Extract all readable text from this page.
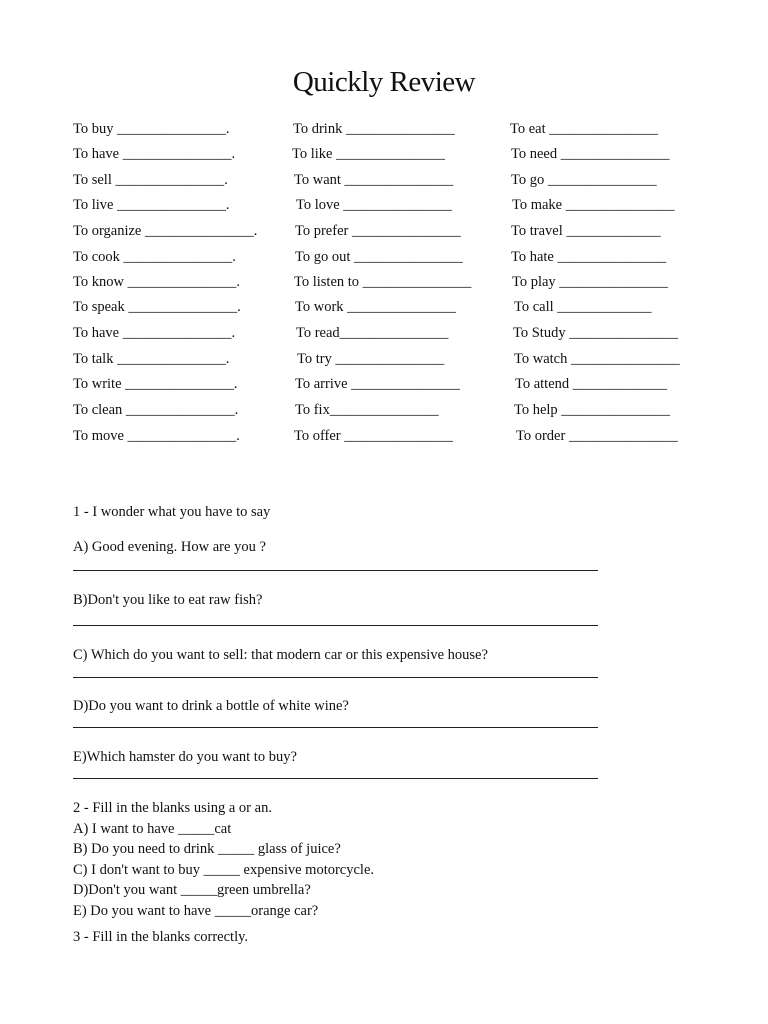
Quickly Review
To buy _______________.
To have _______________.
To sell _______________.
To live _______________.
To organize _______________.
To cook _______________.
To know _______________.
To speak _______________.
To have _______________.
To talk _______________.
To write _______________.
To clean _______________.
To move _______________.
To drink _______________
To like _______________
To want _______________
To love _______________
To prefer _______________
To go out _______________
To listen to _______________
To work _______________
To read_______________
To try _______________
To arrive _______________
To fix_______________
To offer _______________
To eat _______________
To need _______________
To go _______________
To make _______________
To travel _____________
To hate _______________
To play _______________
To call _____________
To Study _______________
To watch _______________
To attend _____________
To help _______________
To order _______________
1 - I wonder what you have to say
A) Good evening. How are you ?
B)Don't you like to eat raw fish?
C) Which do you want to sell: that modern car or this expensive house?
D)Do you want to drink a bottle of white wine?
E)Which hamster do you want to buy?
2 - Fill in the blanks using a or an.
A) I want to have _____cat
B) Do you need to drink _____ glass of juice?
C) I don't want to buy _____ expensive motorcycle.
D)Don't you want _____green umbrella?
E) Do you want to have _____orange car?
3 - Fill in the blanks correctly.
